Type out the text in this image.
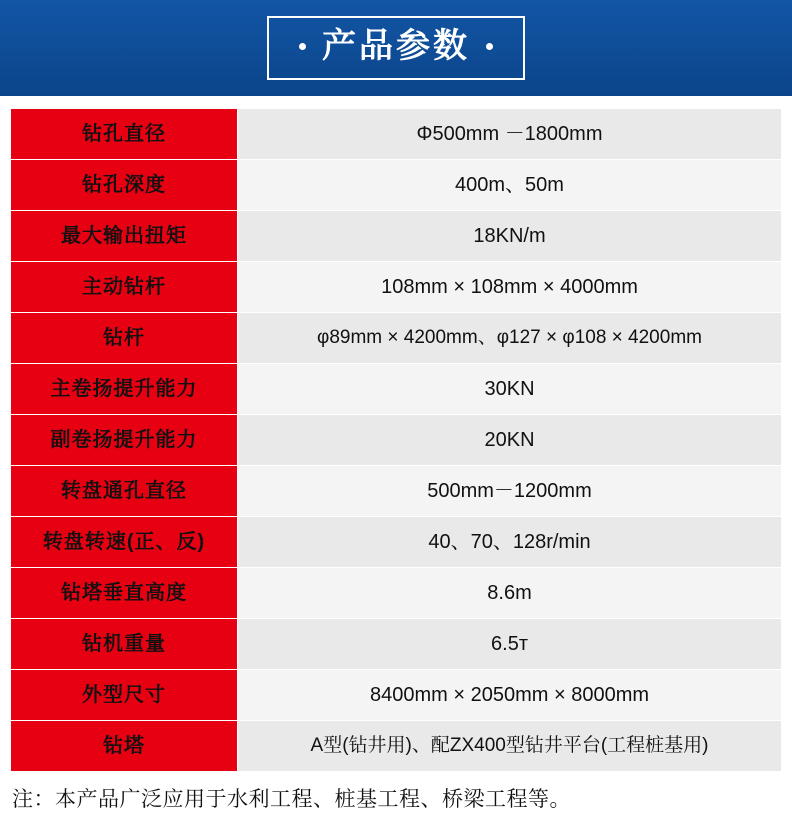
产品参数
钻孔直径	Φ500mm －1800mm
钻孔深度	400m、50m
最大输出扭矩	18KN/m
主动钻杆	108mm × 108mm × 4000mm
钻杆	φ89mm × 4200mm、φ127 × φ108 × 4200mm
主卷扬提升能力	30KN
副卷扬提升能力	20KN
转盘通孔直径	500mm－1200mm
转盘转速(正、反)	40、70、128r/min
钻塔垂直高度	8.6m
钻机重量	6.5т
外型尺寸	8400mm × 2050mm × 8000mm
钻塔	A型(钻井用)、配ZX400型钻井平台(工程桩基用)
注：本产品广泛应用于水利工程、桩基工程、桥梁工程等。
